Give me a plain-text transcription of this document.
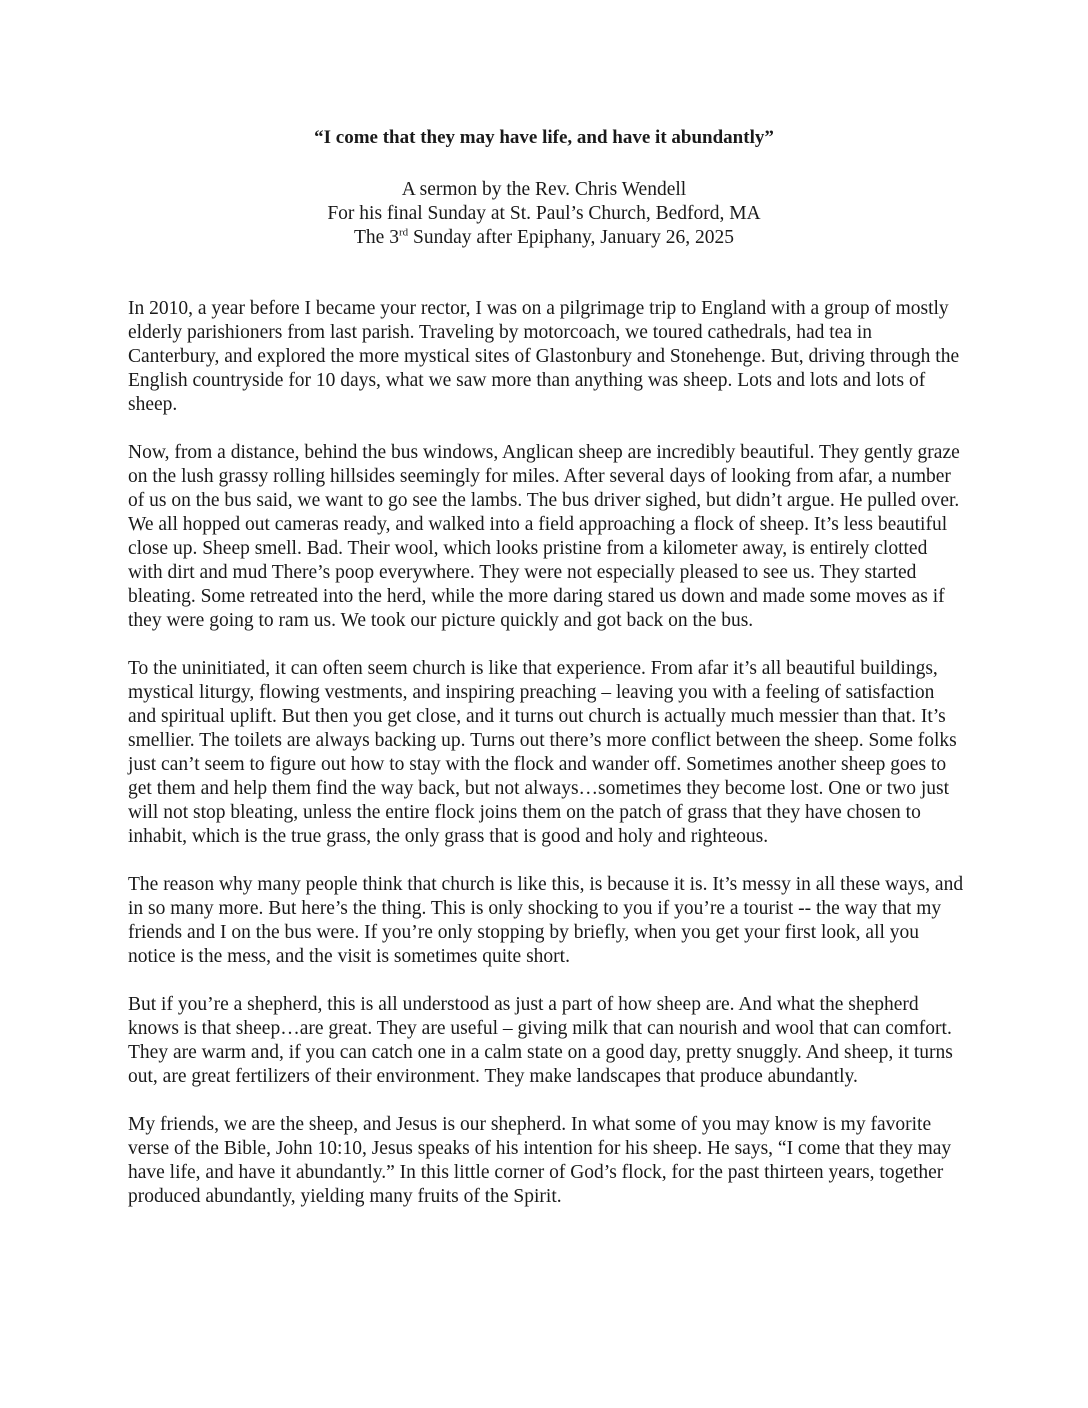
“I come that they may have life, and have it abundantly”
A sermon by the Rev. Chris Wendell
For his final Sunday at St. Paul’s Church, Bedford, MA
The 3rd Sunday after Epiphany, January 26, 2025

In 2010, a year before I became your rector, I was on a pilgrimage trip to England with a group of mostly elderly parishioners from last parish. Traveling by motorcoach, we toured cathedrals, had tea in Canterbury, and explored the more mystical sites of Glastonbury and Stonehenge. But, driving through the English countryside for 10 days, what we saw more than anything was sheep. Lots and lots and lots of sheep.

Now, from a distance, behind the bus windows, Anglican sheep are incredibly beautiful. They gently graze on the lush grassy rolling hillsides seemingly for miles. After several days of looking from afar, a number of us on the bus said, we want to go see the lambs. The bus driver sighed, but didn’t argue. He pulled over. We all hopped out cameras ready, and walked into a field approaching a flock of sheep. It’s less beautiful close up. Sheep smell. Bad. Their wool, which looks pristine from a kilometer away, is entirely clotted with dirt and mud There’s poop everywhere. They were not especially pleased to see us. They started bleating. Some retreated into the herd, while the more daring stared us down and made some moves as if they were going to ram us. We took our picture quickly and got back on the bus.

To the uninitiated, it can often seem church is like that experience. From afar it’s all beautiful buildings, mystical liturgy, flowing vestments, and inspiring preaching – leaving you with a feeling of satisfaction and spiritual uplift. But then you get close, and it turns out church is actually much messier than that. It’s smellier. The toilets are always backing up. Turns out there’s more conflict between the sheep. Some folks just can’t seem to figure out how to stay with the flock and wander off. Sometimes another sheep goes to get them and help them find the way back, but not always…sometimes they become lost. One or two just will not stop bleating, unless the entire flock joins them on the patch of grass that they have chosen to inhabit, which is the true grass, the only grass that is good and holy and righteous.

The reason why many people think that church is like this, is because it is. It’s messy in all these ways, and in so many more. But here’s the thing. This is only shocking to you if you’re a tourist -- the way that my friends and I on the bus were. If you’re only stopping by briefly, when you get your first look, all you notice is the mess, and the visit is sometimes quite short.

But if you’re a shepherd, this is all understood as just a part of how sheep are. And what the shepherd knows is that sheep…are great. They are useful – giving milk that can nourish and wool that can comfort. They are warm and, if you can catch one in a calm state on a good day, pretty snuggly. And sheep, it turns out, are great fertilizers of their environment. They make landscapes that produce abundantly.

My friends, we are the sheep, and Jesus is our shepherd. In what some of you may know is my favorite verse of the Bible, John 10:10, Jesus speaks of his intention for his sheep. He says, “I come that they may have life, and have it abundantly.” In this little corner of God’s flock, for the past thirteen years, together produced abundantly, yielding many fruits of the Spirit.
